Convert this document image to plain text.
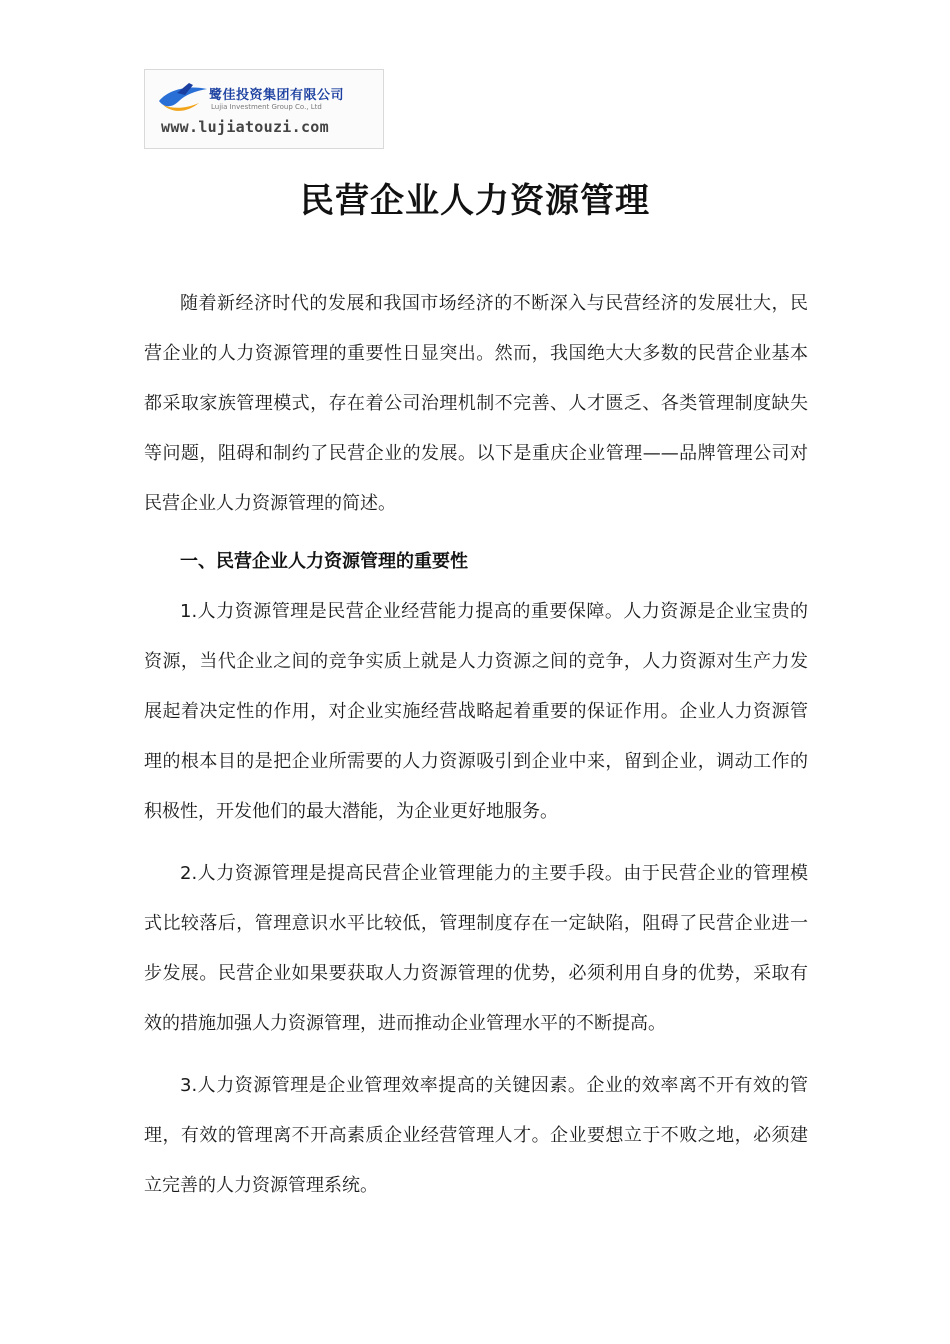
鹭佳投资集团有限公司
Lujia Investment Group Co., Ltd
www.lujiatouzi.com
民营企业人力资源管理

随着新经济时代的发展和我国市场经济的不断深入与民营经济的发展壮大，民营企业的人力资源管理的重要性日显突出。然而，我国绝大大多数的民营企业基本都采取家族管理模式，存在着公司治理机制不完善、人才匮乏、各类管理制度缺失等问题，阻碍和制约了民营企业的发展。以下是重庆企业管理——品牌管理公司对民营企业人力资源管理的简述。

一、民营企业人力资源管理的重要性

1.人力资源管理是民营企业经营能力提高的重要保障。人力资源是企业宝贵的资源，当代企业之间的竞争实质上就是人力资源之间的竞争，人力资源对生产力发展起着决定性的作用，对企业实施经营战略起着重要的保证作用。企业人力资源管理的根本目的是把企业所需要的人力资源吸引到企业中来，留到企业，调动工作的积极性，开发他们的最大潜能，为企业更好地服务。

2.人力资源管理是提高民营企业管理能力的主要手段。由于民营企业的管理模式比较落后，管理意识水平比较低，管理制度存在一定缺陷，阻碍了民营企业进一步发展。民营企业如果要获取人力资源管理的优势，必须利用自身的优势，采取有效的措施加强人力资源管理，进而推动企业管理水平的不断提高。

3.人力资源管理是企业管理效率提高的关键因素。企业的效率离不开有效的管理，有效的管理离不开高素质企业经营管理人才。企业要想立于不败之地，必须建立完善的人力资源管理系统。
